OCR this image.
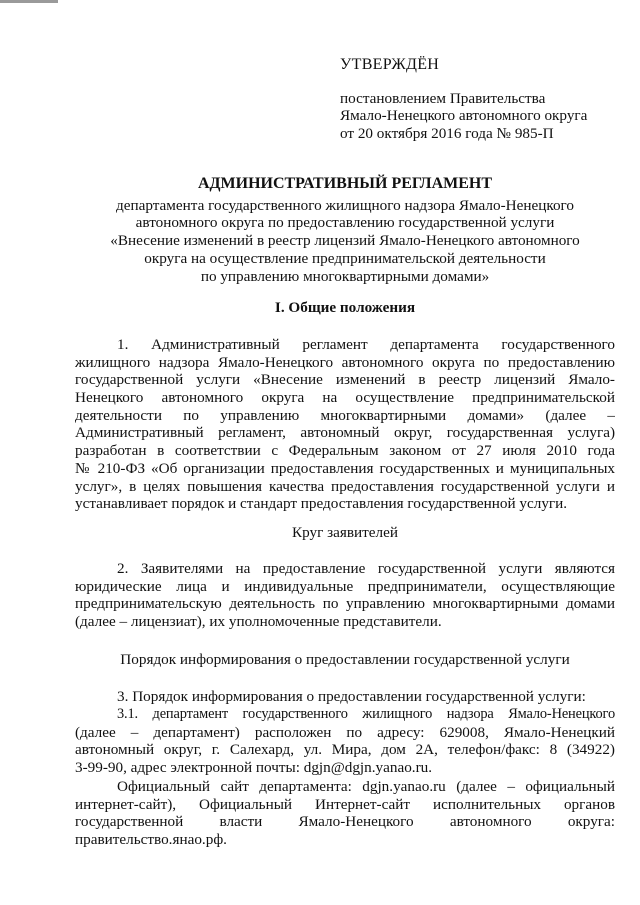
УТВЕРЖДЁН
постановлением Правительства
Ямало-Ненецкого автономного округа
от 20 октября 2016 года № 985-П
АДМИНИСТРАТИВНЫЙ РЕГЛАМЕНТ
департамента государственного жилищного надзора Ямало-Ненецкого
автономного округа по предоставлению государственной услуги
«Внесение изменений в реестр лицензий Ямало-Ненецкого автономного
округа на осуществление предпринимательской деятельности
по управлению многоквартирными домами»
I. Общие положения
1. Административный регламент департамента государственного
жилищного надзора Ямало-Ненецкого автономного округа по предоставлению
государственной услуги «Внесение изменений в реестр лицензий Ямало-
Ненецкого автономного округа на осуществление предпринимательской
деятельности по управлению многоквартирными домами» (далее –
Административный регламент, автономный округ, государственная услуга)
разработан в соответствии с Федеральным законом от 27 июля 2010 года
№ 210-ФЗ «Об организации предоставления государственных и муниципальных
услуг», в целях повышения качества предоставления государственной услуги и
устанавливает порядок и стандарт предоставления государственной услуги.
Круг заявителей
2. Заявителями на предоставление государственной услуги являются
юридические лица и индивидуальные предприниматели, осуществляющие
предпринимательскую деятельность по управлению многоквартирными домами
(далее – лицензиат), их уполномоченные представители.
Порядок информирования о предоставлении государственной услуги
3. Порядок информирования о предоставлении государственной услуги:
3.1. департамент государственного жилищного надзора Ямало-Ненецкого
(далее – департамент) расположен по адресу: 629008, Ямало-Ненецкий
автономный округ, г. Салехард, ул. Мира, дом 2А, телефон/факс: 8 (34922)
3-99-90, адрес электронной почты: dgjn@dgjn.yanao.ru.
Официальный сайт департамента: dgjn.yanao.ru (далее – официальный
интернет-сайт), Официальный Интернет-сайт исполнительных органов
государственной власти Ямало-Ненецкого автономного округа:
правительство.янао.рф.
